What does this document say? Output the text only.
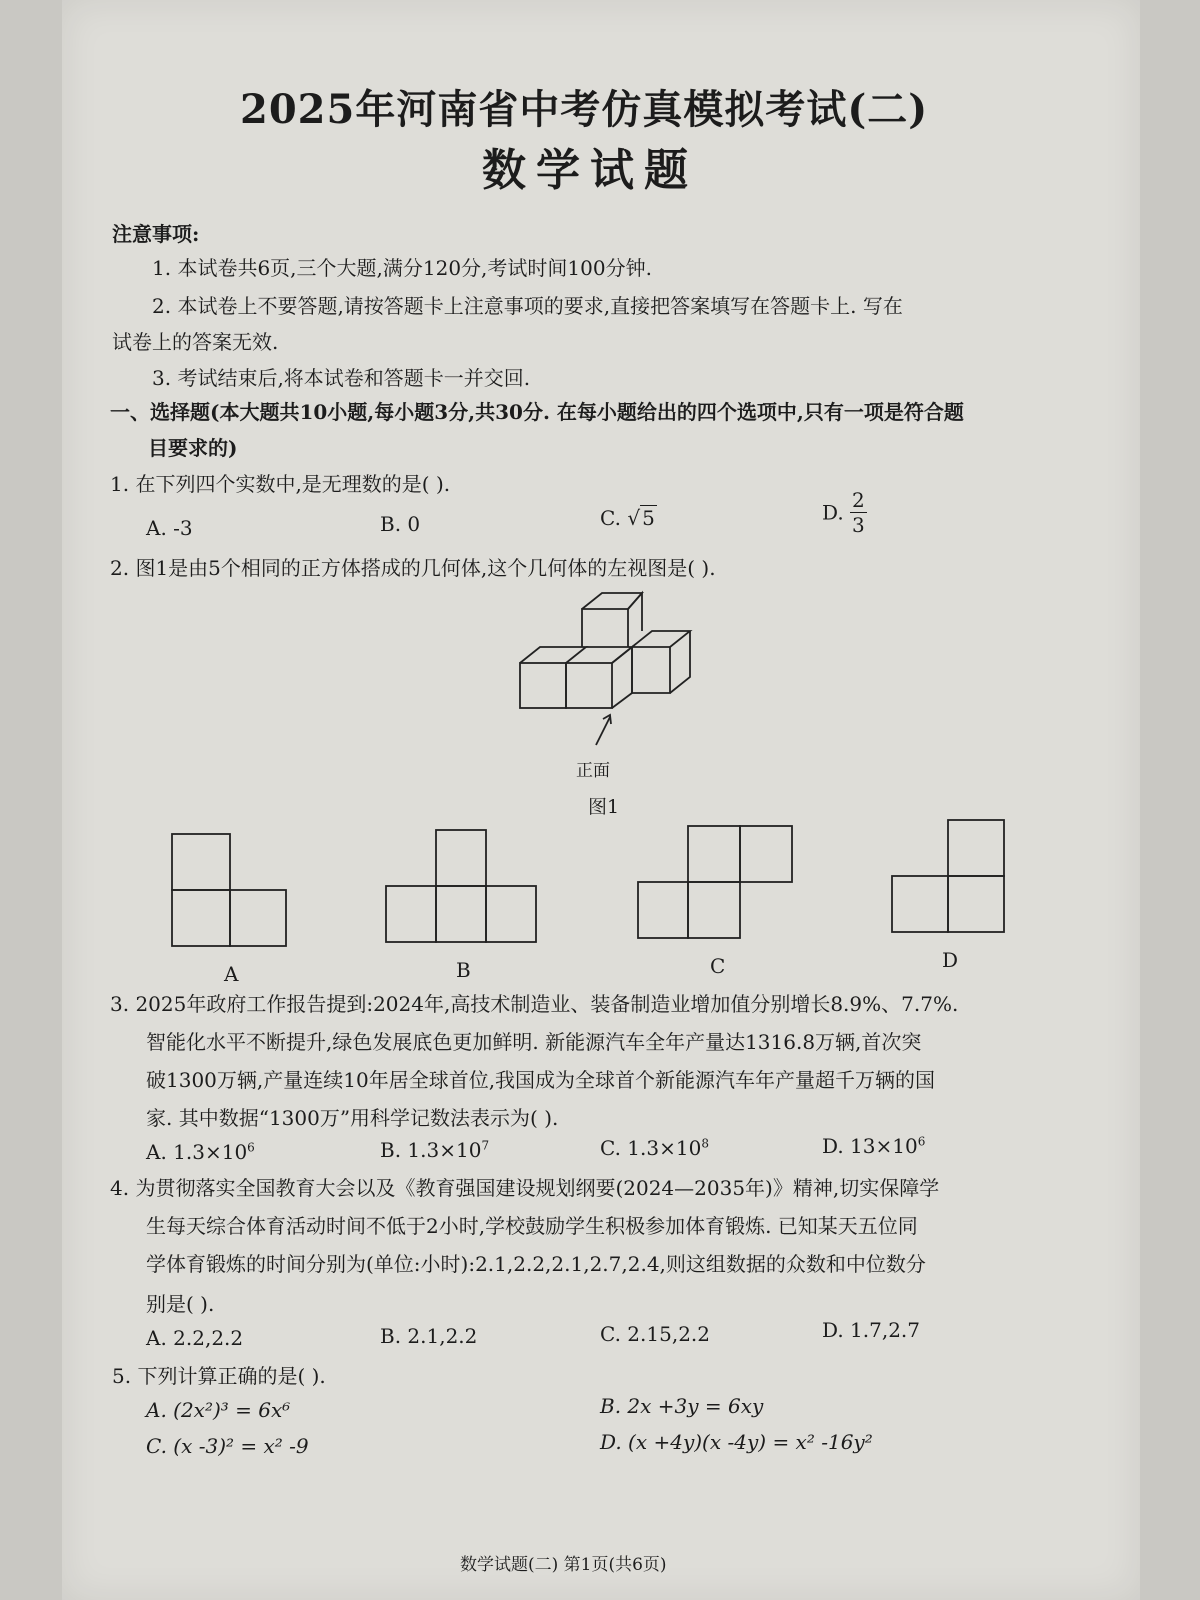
2025年河南省中考仿真模拟考试(二)
数学试题
注意事项:
1. 本试卷共6页,三个大题,满分120分,考试时间100分钟.
2. 本试卷上不要答题,请按答题卡上注意事项的要求,直接把答案填写在答题卡上. 写在
试卷上的答案无效.
3. 考试结束后,将本试卷和答题卡一并交回.
一、选择题(本大题共10小题,每小题3分,共30分. 在每小题给出的四个选项中,只有一项是符合题
目要求的)
1. 在下列四个实数中,是无理数的是( ).
A. -3	B. 0	C. √ 5	D. $\frac{2}{3}$
2. 图1是由5个相同的正方体搭成的几何体,这个几何体的左视图是( ).
正面
图1
A	B	C	D
3. 2025年政府工作报告提到:2024年,高技术制造业、装备制造业增加值分别增长8.9%、7.7%.
智能化水平不断提升,绿色发展底色更加鲜明. 新能源汽车全年产量达1316.8万辆,首次突
破1300万辆,产量连续10年居全球首位,我国成为全球首个新能源汽车年产量超千万辆的国
家. 其中数据“1300万”用科学记数法表示为( ).
A. $1.3\times 10^6$	B. $1.3\times 10^7$	C. $1.3\times 10^8$	D. $13\times 10^6$
4. 为贯彻落实全国教育大会以及《教育强国建设规划纲要(2024—2035年)》精神,切实保障学
生每天综合体育活动时间不低于2小时,学校鼓励学生积极参加体育锻炼. 已知某天五位同
学体育锻炼的时间分别为(单位:小时):2.1,2.2,2.1,2.7,2.4,则这组数据的众数和中位数分
别是( ).
A. 2.2,2.2	B. 2.1,2.2	C. 2.15,2.2	D. 1.7,2.7
5. 下列计算正确的是( ).
A. (2x²)³ = 6x⁶	B. 2x +3y = 6xy
C. (x -3)² = x² -9	D. (x +4y)(x -4y) = x² -16y²
数学试题(二) 第1页(共6页)
